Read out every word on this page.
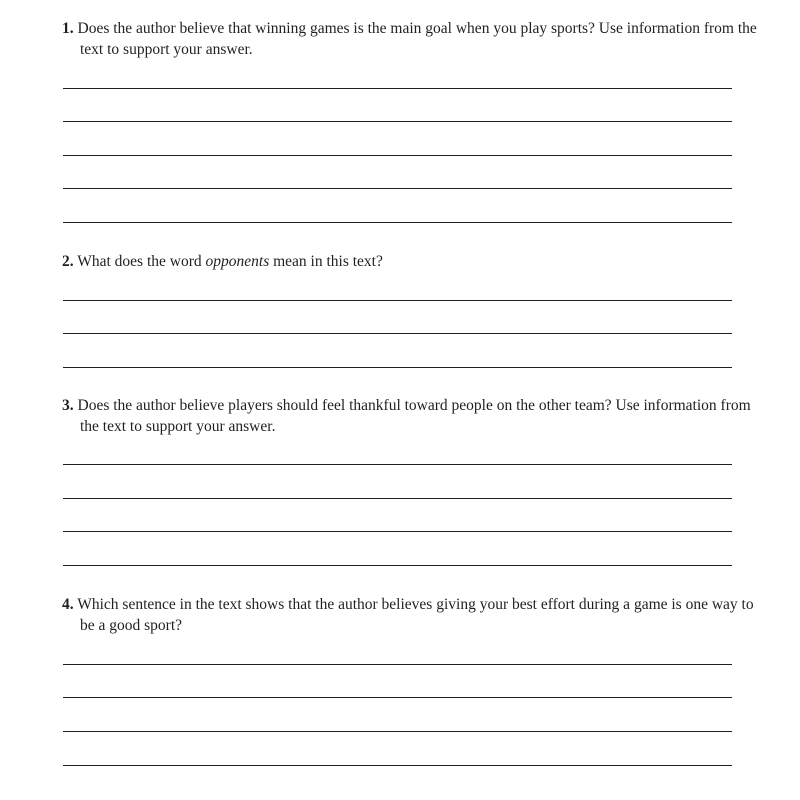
1. Does the author believe that winning games is the main goal when you play sports? Use information from the text to support your answer.
2. What does the word opponents mean in this text?
3. Does the author believe players should feel thankful toward people on the other team? Use information from the text to support your answer.
4. Which sentence in the text shows that the author believes giving your best effort during a game is one way to be a good sport?
